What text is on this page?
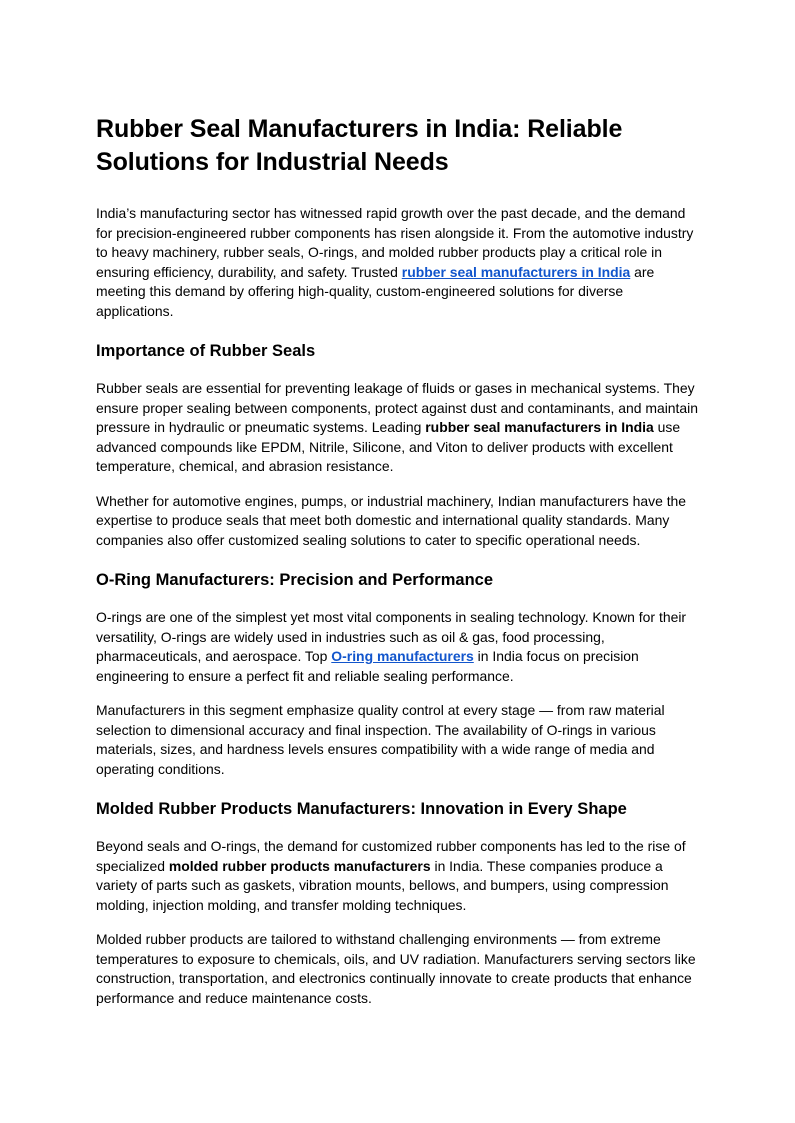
Rubber Seal Manufacturers in India: Reliable Solutions for Industrial Needs

India’s manufacturing sector has witnessed rapid growth over the past decade, and the demand for precision-engineered rubber components has risen alongside it. From the automotive industry to heavy machinery, rubber seals, O-rings, and molded rubber products play a critical role in ensuring efficiency, durability, and safety. Trusted rubber seal manufacturers in India are meeting this demand by offering high-quality, custom-engineered solutions for diverse applications.

Importance of Rubber Seals

Rubber seals are essential for preventing leakage of fluids or gases in mechanical systems. They ensure proper sealing between components, protect against dust and contaminants, and maintain pressure in hydraulic or pneumatic systems. Leading rubber seal manufacturers in India use advanced compounds like EPDM, Nitrile, Silicone, and Viton to deliver products with excellent temperature, chemical, and abrasion resistance.

Whether for automotive engines, pumps, or industrial machinery, Indian manufacturers have the expertise to produce seals that meet both domestic and international quality standards. Many companies also offer customized sealing solutions to cater to specific operational needs.

O-Ring Manufacturers: Precision and Performance

O-rings are one of the simplest yet most vital components in sealing technology. Known for their versatility, O-rings are widely used in industries such as oil & gas, food processing, pharmaceuticals, and aerospace. Top O-ring manufacturers in India focus on precision engineering to ensure a perfect fit and reliable sealing performance.

Manufacturers in this segment emphasize quality control at every stage — from raw material selection to dimensional accuracy and final inspection. The availability of O-rings in various materials, sizes, and hardness levels ensures compatibility with a wide range of media and operating conditions.

Molded Rubber Products Manufacturers: Innovation in Every Shape

Beyond seals and O-rings, the demand for customized rubber components has led to the rise of specialized molded rubber products manufacturers in India. These companies produce a variety of parts such as gaskets, vibration mounts, bellows, and bumpers, using compression molding, injection molding, and transfer molding techniques.

Molded rubber products are tailored to withstand challenging environments — from extreme temperatures to exposure to chemicals, oils, and UV radiation. Manufacturers serving sectors like construction, transportation, and electronics continually innovate to create products that enhance performance and reduce maintenance costs.
